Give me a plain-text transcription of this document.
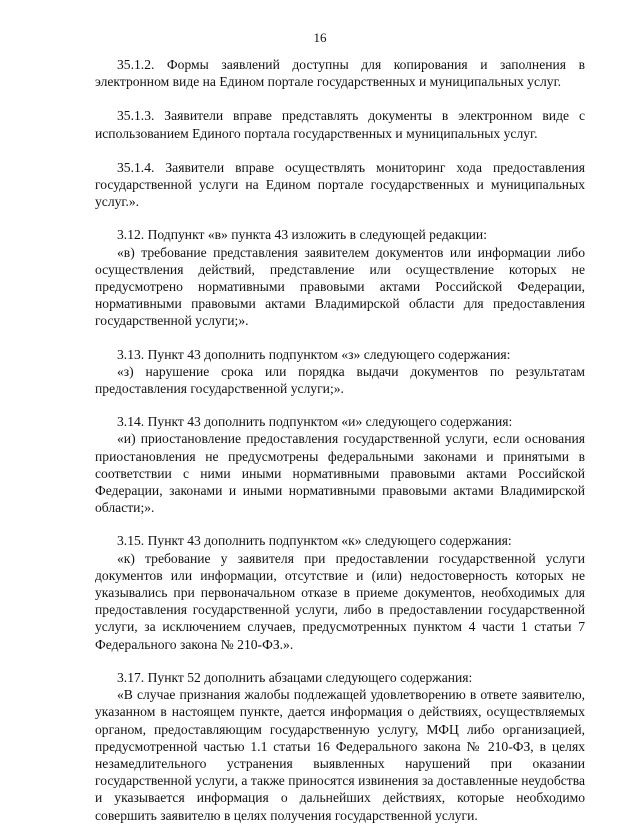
16

35.1.2. Формы заявлений доступны для копирования и заполнения в электронном виде на Едином портале государственных и муниципальных услуг.

35.1.3. Заявители вправе представлять документы в электронном виде с использованием Единого портала государственных и муниципальных услуг.

35.1.4. Заявители вправе осуществлять мониторинг хода предоставления государственной услуги на Едином портале государственных и муниципальных услуг.».

3.12. Подпункт «в» пункта 43 изложить в следующей редакции:

«в) требование представления заявителем документов или информации либо осуществления действий, представление или осуществление которых не предусмотрено нормативными правовыми актами Российской Федерации, нормативными правовыми актами Владимирской области для предоставления государственной услуги;».

3.13. Пункт 43 дополнить подпунктом «з» следующего содержания:

«з) нарушение срока или порядка выдачи документов по результатам предоставления государственной услуги;».

3.14. Пункт 43 дополнить подпунктом «и» следующего содержания:

«и) приостановление предоставления государственной услуги, если основания приостановления не предусмотрены федеральными законами и принятыми в соответствии с ними иными нормативными правовыми актами Российской Федерации, законами и иными нормативными правовыми актами Владимирской области;».

3.15. Пункт 43 дополнить подпунктом «к» следующего содержания:

«к) требование у заявителя при предоставлении государственной услуги документов или информации, отсутствие и (или) недостоверность которых не указывались при первоначальном отказе в приеме документов, необходимых для предоставления государственной услуги, либо в предоставлении государственной услуги, за исключением случаев, предусмотренных пунктом 4 части 1 статьи 7 Федерального закона № 210-ФЗ.».

3.17. Пункт 52 дополнить абзацами следующего содержания:

«В случае признания жалобы подлежащей удовлетворению в ответе заявителю, указанном в настоящем пункте, дается информация о действиях, осуществляемых органом, предоставляющим государственную услугу, МФЦ либо организацией, предусмотренной частью 1.1 статьи 16 Федерального закона № 210-ФЗ, в целях незамедлительного устранения выявленных нарушений при оказании государственной услуги, а также приносятся извинения за доставленные неудобства и указывается информация о дальнейших действиях, которые необходимо совершить заявителю в целях получения государственной услуги.
